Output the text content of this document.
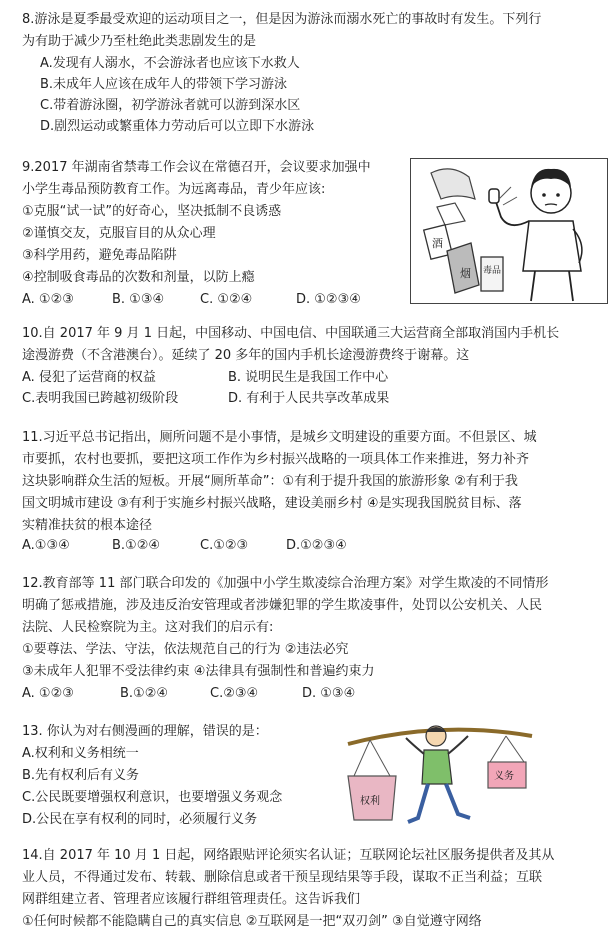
8.游泳是夏季最受欢迎的运动项目之一，但是因为游泳而溺水死亡的事故时有发生。下列行
为有助于减少乃至杜绝此类悲剧发生的是
A.发现有人溺水，不会游泳者也应该下水救人
B.未成年人应该在成年人的带领下学习游泳
C.带着游泳圈，初学游泳者就可以游到深水区
D.剧烈运动或繁重体力劳动后可以立即下水游泳
9.2017 年湖南省禁毒工作会议在常德召开，会议要求加强中
小学生毒品预防教育工作。为远离毒品，青少年应该:
①克服“试一试”的好奇心，坚决抵制不良诱惑
②谨慎交友，克服盲目的从众心理
③科学用药，避免毒品陷阱
④控制吸食毒品的次数和剂量，以防上瘾
A. ①②③	B. ①③④	C. ①②④	D. ①②③④
酒
烟 毒品
10.自 2017 年 9 月 1 日起，中国移动、中国电信、中国联通三大运营商全部取消国内手机长
途漫游费（不含港澳台）。延续了 20 多年的国内手机长途漫游费终于谢幕。这
A. 侵犯了运营商的权益	B. 说明民生是我国工作中心
C.表明我国已跨越初级阶段	D. 有利于人民共享改革成果
11.习近平总书记指出，厕所问题不是小事情，是城乡文明建设的重要方面。不但景区、城
市要抓，农村也要抓，要把这项工作作为乡村振兴战略的一项具体工作来推进，努力补齐
这块影响群众生活的短板。开展“厕所革命”：①有利于提升我国的旅游形象 ②有利于我
国文明城市建设 ③有利于实施乡村振兴战略，建设美丽乡村 ④是实现我国脱贫目标、落
实精准扶贫的根本途径
A.①③④	B.①②④	C.①②③	D.①②③④
12.教育部等 11 部门联合印发的《加强中小学生欺凌综合治理方案》对学生欺凌的不同情形
明确了惩戒措施，涉及违反治安管理或者涉嫌犯罪的学生欺凌事件，处罚以公安机关、人民
法院、人民检察院为主。这对我们的启示有:
①要尊法、学法、守法，依法规范自己的行为 ②违法必究
③未成年人犯罪不受法律约束 ④法律具有强制性和普遍约束力
A. ①②③	B.①②④	C.②③④	D. ①③④
13. 你认为对右侧漫画的理解，错误的是：
A.权利和义务相统一
B.先有权利后有义务
C.公民既要增强权利意识，也要增强义务观念
D.公民在享有权利的同时，必须履行义务
义务
权利
14.自 2017 年 10 月 1 日起，网络跟贴评论须实名认证；互联网论坛社区服务提供者及其从
业人员，不得通过发布、转载、删除信息或者干预呈现结果等手段，谋取不正当利益；互联
网群组建立者、管理者应该履行群组管理责任。这告诉我们
①任何时候都不能隐瞒自己的真实信息 ②互联网是一把“双刃剑” ③自觉遵守网络
